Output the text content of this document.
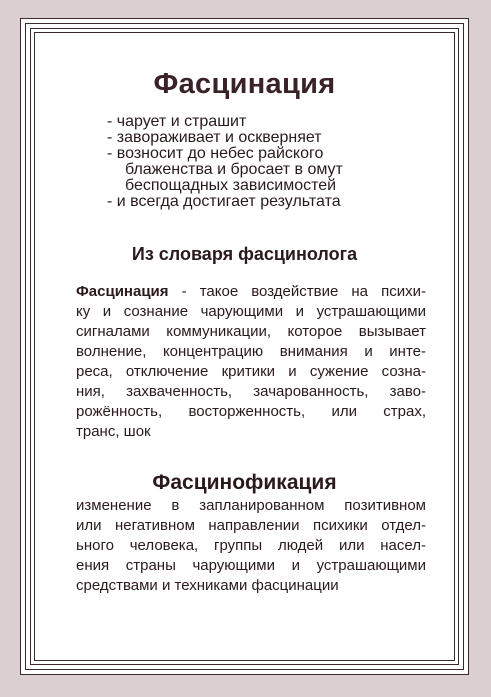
Фасцинация
- чарует и страшит
- завораживает и оскверняет
- возносит до небес райского
блаженства и бросает в омут
беспощадных зависимостей
- и всегда достигает результата
Из словаря фасцинолога
Фасцинация - такое воздействие на психи-
ку и сознание чарующими и устрашающими
сигналами коммуникации, которое вызывает
волнение, концентрацию внимания и инте-
реса, отключение критики и сужение созна-
ния, захваченность, зачарованность, заво-
рожённость, восторженность, или страх,
транс, шок
Фасцинофикация
изменение в запланированном позитивном
или негативном направлении психики отдел-
ьного человека, группы людей или насел-
ения страны чарующими и устрашающими
средствами и техниками фасцинации
